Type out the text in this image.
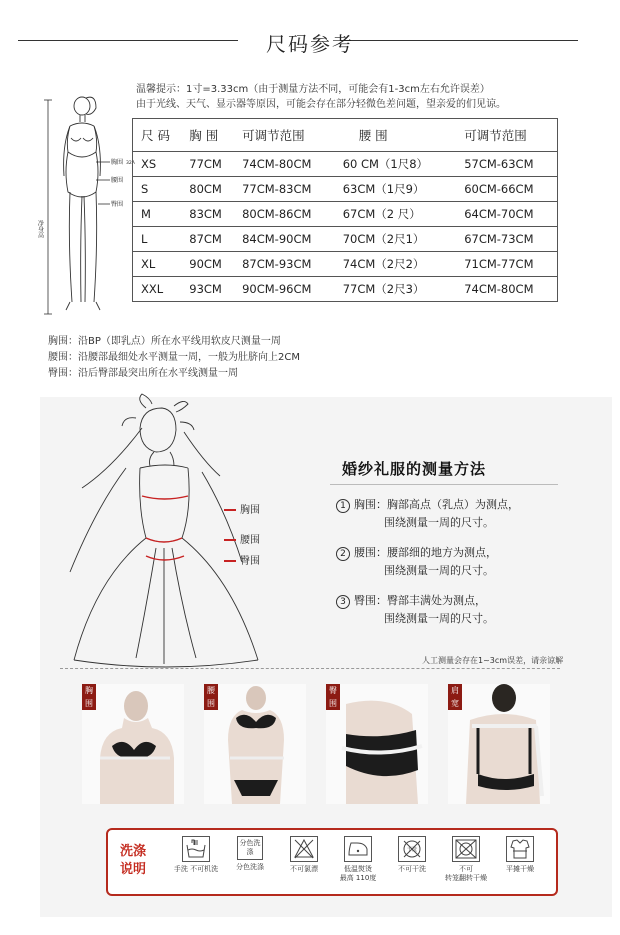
尺码参考
温馨提示：1寸=3.33cm（由于测量方法不同，可能会有1-3cm左右允许误差）
由于光线、天气、显示器等原因，可能会存在部分轻微色差问题，望亲爱的们见谅。
胸围 32A
腰围
臀围
净身高
尺 码	胸 围	可调节范围	腰 围	可调节范围
XS	77CM	74CM-80CM	60 CM（1尺8）	57CM-63CM
S	80CM	77CM-83CM	63CM（1尺9）	60CM-66CM
M	83CM	80CM-86CM	67CM（2 尺）	64CM-70CM
L	87CM	84CM-90CM	70CM（2尺1）	67CM-73CM
XL	90CM	87CM-93CM	74CM（2尺2）	71CM-77CM
XXL	93CM	90CM-96CM	77CM（2尺3）	74CM-80CM
胸围：沿BP（即乳点）所在水平线用软皮尺测量一周
腰围：沿腰部最细处水平测量一周，一般为肚脐向上2CM
臀围：沿后臀部最突出所在水平线测量一周
胸围
腰围
臀围
婚纱礼服的测量方法
1 胸围：胸部高点（乳点）为测点，
围绕测量一周的尺寸。
2 腰围：腰部细的地方为测点，
围绕测量一周的尺寸。
3 臀围：臀部丰满处为测点，
围绕测量一周的尺寸。
人工测量会存在1~3cm误差，请亲谅解
胸围
腰围
臀围
肩宽
洗涤
说明	手洗 不可机洗
分色洗涤
分色洗涤	不可氯漂	低温熨烫
最高 110度
干洗
不可干洗	不可
转笼翻转干燥
平摊干燥
